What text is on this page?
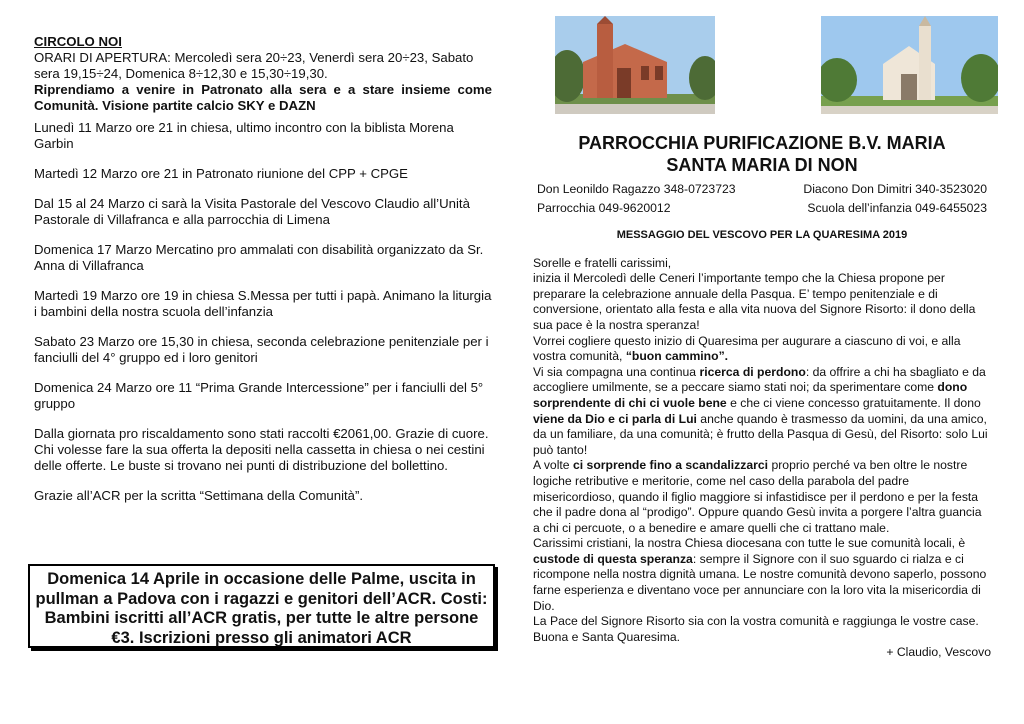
CIRCOLO NOI

ORARI DI APERTURA: Mercoledì sera 20÷23, Venerdì sera 20÷23, Sabato sera 19,15÷24, Domenica 8÷12,30 e 15,30÷19,30.

Riprendiamo a venire in Patronato alla sera e a stare insieme come Comunità. Visione partite calcio SKY e DAZN

Lunedì 11 Marzo ore 21 in chiesa, ultimo incontro con la biblista Morena Garbin

Martedì 12 Marzo ore 21 in Patronato riunione del CPP + CPGE

Dal 15 al 24 Marzo ci sarà la Visita Pastorale del Vescovo Claudio all’Unità Pastorale di Villafranca e alla parrocchia di Limena

Domenica 17 Marzo Mercatino pro ammalati con disabilità organizzato da Sr. Anna di Villafranca

Martedì 19 Marzo ore 19 in chiesa S.Messa per tutti i papà. Animano la liturgia i bambini della nostra scuola dell’infanzia

Sabato 23 Marzo ore 15,30 in chiesa, seconda celebrazione penitenziale per i fanciulli del 4° gruppo ed i loro genitori

Domenica 24 Marzo ore 11 “Prima Grande Intercessione” per i fanciulli del 5° gruppo

Dalla giornata pro riscaldamento sono stati raccolti €2061,00. Grazie di cuore. Chi volesse fare la sua offerta la depositi nella cassetta in chiesa o nei cestini delle offerte. Le buste si trovano nei punti di distribuzione del bollettino.

Grazie all’ACR per la scritta “Settimana della Comunità”.

Domenica 14 Aprile in occasione delle Palme, uscita in pullman a Padova con i ragazzi e genitori dell’ACR. Costi: Bambini iscritti all’ACR gratis, per tutte le altre persone €3. Iscrizioni presso gli animatori ACR
PARROCCHIA PURIFICAZIONE B.V. MARIA
SANTA MARIA DI NON
Don Leonildo Ragazzo 348-0723723
Parrocchia 049-9620012
Diacono Don Dimitri 340-3523020
Scuola dell’infanzia 049-6455023
MESSAGGIO DEL VESCOVO PER LA QUARESIMA 2019

Sorelle e fratelli carissimi,

inizia il Mercoledì delle Ceneri l’importante tempo che la Chiesa propone per preparare la celebrazione annuale della Pasqua. E’ tempo penitenziale e di conversione, orientato alla festa e alla vita nuova del Signore Risorto: il dono della sua pace è la nostra speranza!

Vorrei cogliere questo inizio di Quaresima per augurare a ciascuno di voi, e alla vostra comunità, “buon cammino”.

Vi sia compagna una continua ricerca di perdono: da offrire a chi ha sbagliato e da accogliere umilmente, se a peccare siamo stati noi; da sperimentare come dono sorprendente di chi ci vuole bene e che ci viene concesso gratuitamente. Il dono viene da Dio e ci parla di Lui anche quando è trasmesso da uomini, da una amico, da un familiare, da una comunità; è frutto della Pasqua di Gesù, del Risorto: solo Lui può tanto!

A volte ci sorprende fino a scandalizzarci proprio perché va ben oltre le nostre logiche retributive e meritorie, come nel caso della parabola del padre misericordioso, quando il figlio maggiore si infastidisce per il perdono e per la festa che il padre dona al “prodigo”. Oppure quando Gesù invita a porgere l’altra guancia a chi ci percuote, o a benedire e amare quelli che ci trattano male.

Carissimi cristiani, la nostra Chiesa diocesana con tutte le sue comunità locali, è custode di questa speranza: sempre il Signore con il suo sguardo ci rialza e ci ricompone nella nostra dignità umana. Le nostre comunità devono saperlo, possono farne esperienza e diventano voce per annunciare con la loro vita la misericordia di Dio.

La Pace del Signore Risorto sia con la vostra comunità e raggiunga le vostre case. Buona e Santa Quaresima.

+ Claudio, Vescovo
